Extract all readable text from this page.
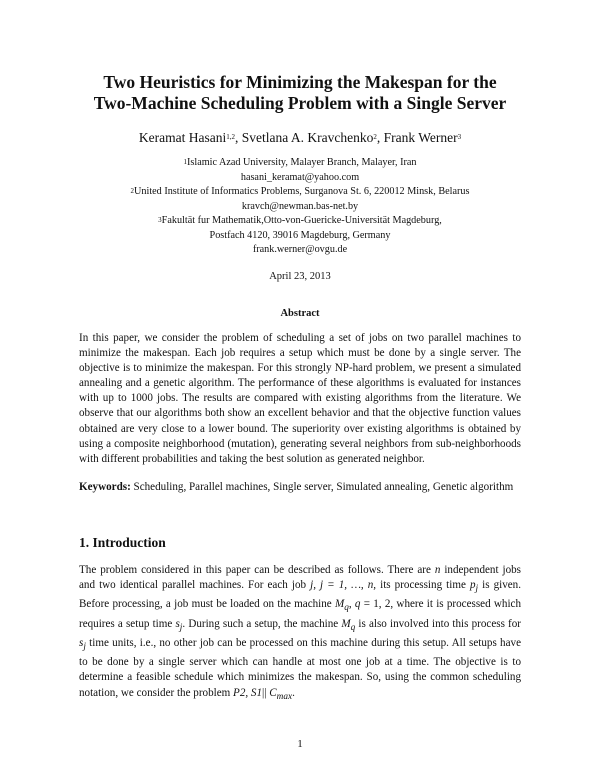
Two Heuristics for Minimizing the Makespan for the
Two-Machine Scheduling Problem with a Single Server
Keramat Hasani$^{1,2}$, Svetlana A. Kravchenko$^2$, Frank Werner$^3$
$^1$Islamic Azad University, Malayer Branch, Malayer, Iran
hasani_keramat@yahoo.com
$^2$United Institute of Informatics Problems, Surganova St. 6, 220012 Minsk, Belarus
kravch@newman.bas-net.by
$^3$Fakultät fur Mathematik,Otto-von-Guericke-Universität Magdeburg,
Postfach 4120, 39016 Magdeburg, Germany
frank.werner@ovgu.de
April 23, 2013
Abstract
In this paper, we consider the problem of scheduling a set of jobs on two parallel machines to minimize the makespan. Each job requires a setup which must be done by a single server. The objective is to minimize the makespan. For this strongly NP-hard problem, we present a simulated annealing and a genetic algorithm. The performance of these algorithms is evaluated for instances with up to 1000 jobs. The results are compared with existing algorithms from the literature. We observe that our algorithms both show an excellent behavior and that the objective function values obtained are very close to a lower bound. The superiority over existing algorithms is obtained by using a composite neighborhood (mutation), generating several neighbors from sub-neighborhoods with different probabilities and taking the best solution as generated neighbor.
Keywords: Scheduling, Parallel machines, Single server, Simulated annealing, Genetic algorithm
1. Introduction
The problem considered in this paper can be described as follows. There are n independent jobs and two identical parallel machines. For each job j, j = 1, …, n, its processing time $p_j$ is given. Before processing, a job must be loaded on the machine $M_q$, q = 1, 2, where it is processed which requires a setup time $s_j$. During such a setup, the machine $M_q$ is also involved into this process for $s_j$ time units, i.e., no other job can be processed on this machine during this setup. All setups have to be done by a single server which can handle at most one job at a time. The objective is to determine a feasible schedule which minimizes the makespan. So, using the common scheduling notation, we consider the problem P2, S1|| $C_{max}$.
1
